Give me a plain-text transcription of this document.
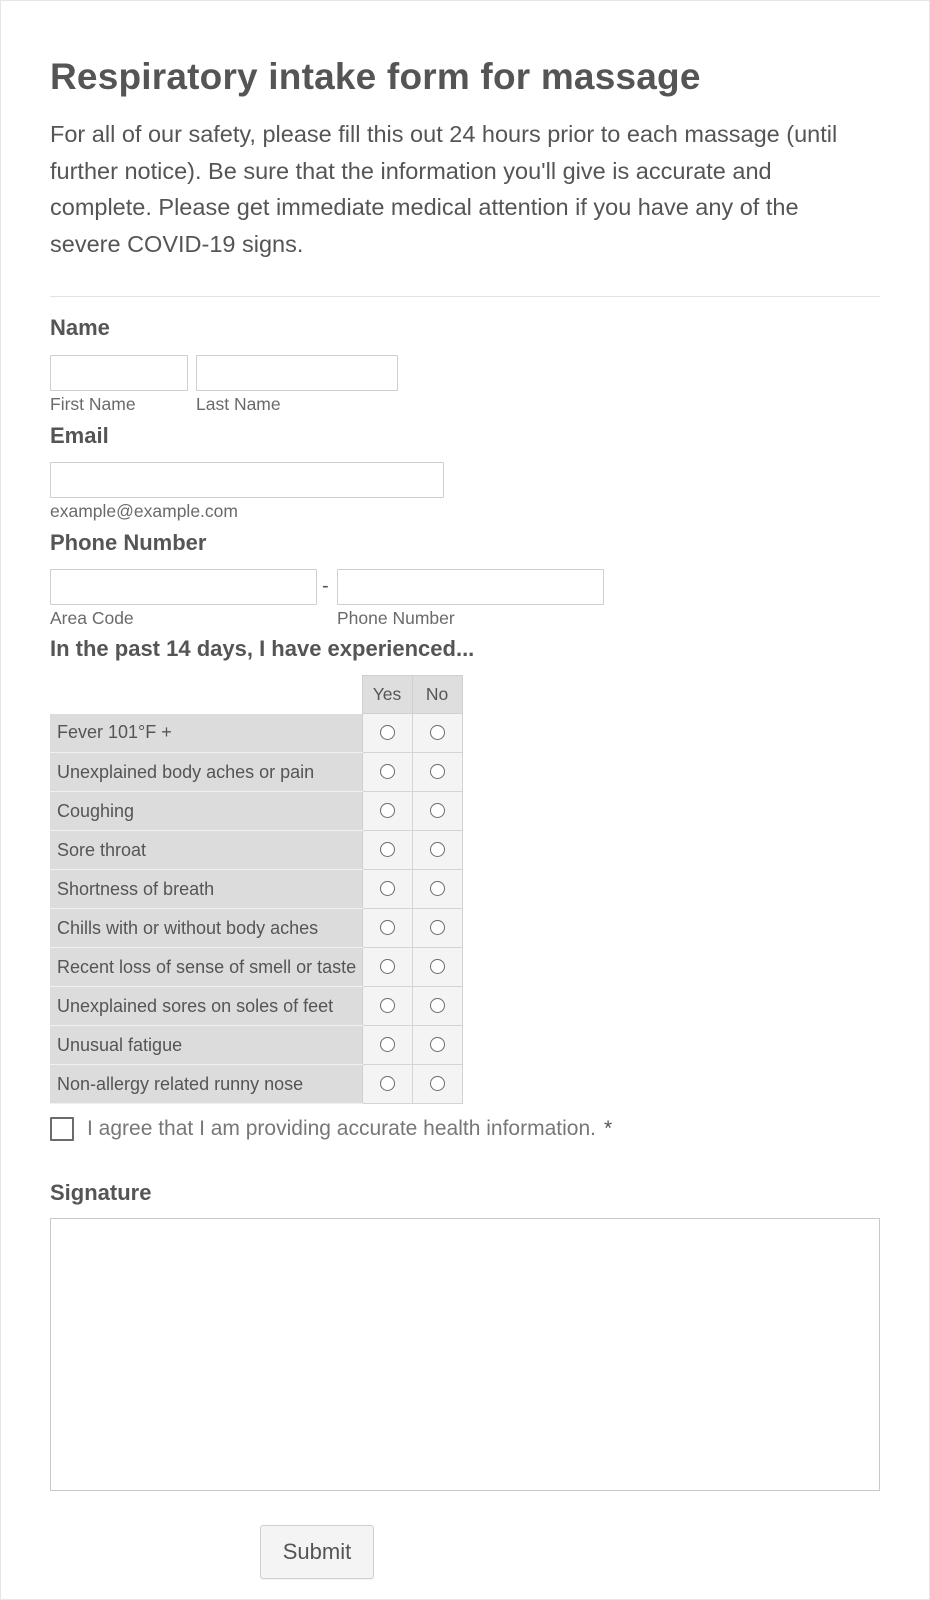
Respiratory intake form for massage
For all of our safety, please fill this out 24 hours prior to each massage (until further notice). Be sure that the information you'll give is accurate and complete. Please get immediate medical attention if you have any of the severe COVID-19 signs.
Name
First Name	Last Name
Email
example@example.com
Phone Number
-
Area Code	Phone Number
In the past 14 days, I have experienced...
	Yes	No
Fever 101°F +		
Unexplained body aches or pain		
Coughing		
Sore throat		
Shortness of breath		
Chills with or without body aches		
Recent loss of sense of smell or taste		
Unexplained sores on soles of feet		
Unusual fatigue		
Non-allergy related runny nose		
I agree that I am providing accurate health information. *
Signature
Submit
